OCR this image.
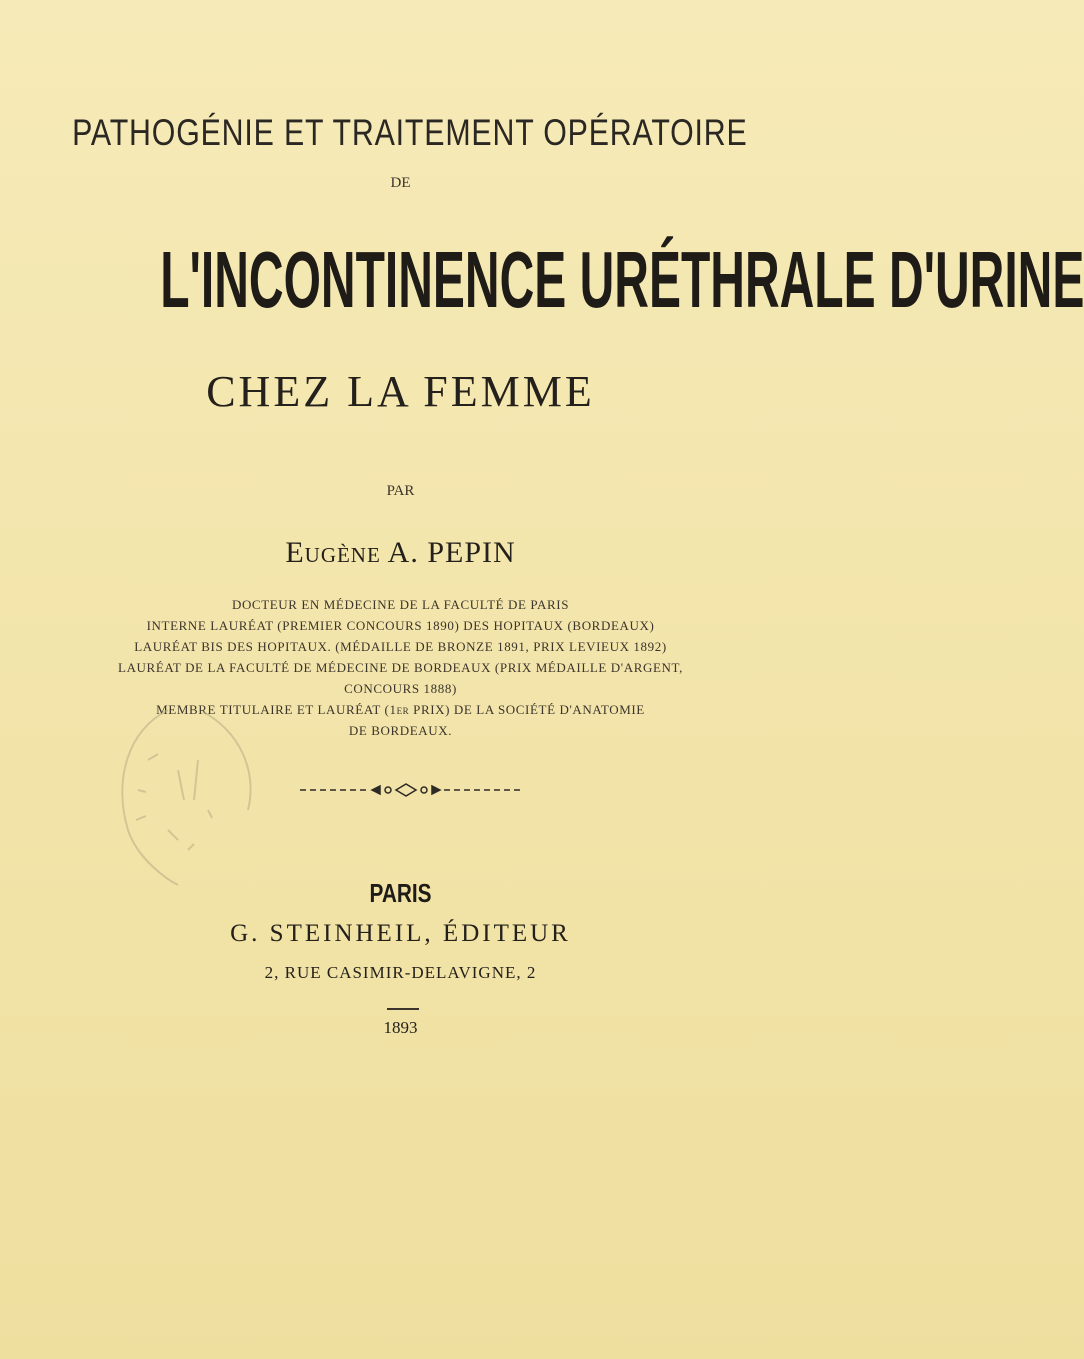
PATHOGÉNIE ET TRAITEMENT OPÉRATOIRE
DE
L'INCONTINENCE URÉTHRALE D'URINE
CHEZ LA FEMME
PAR
Eugène A. PEPIN
DOCTEUR EN MÉDECINE DE LA FACULTÉ DE PARIS
INTERNE LAURÉAT (PREMIER CONCOURS 1890) DES HOPITAUX (BORDEAUX)
LAURÉAT BIS DES HOPITAUX. (MÉDAILLE DE BRONZE 1891, PRIX LEVIEUX 1892)
LAURÉAT DE LA FACULTÉ DE MÉDECINE DE BORDEAUX (PRIX MÉDAILLE D'ARGENT,
CONCOURS 1888)
MEMBRE TITULAIRE ET LAURÉAT (1er PRIX) DE LA SOCIÉTÉ D'ANATOMIE
DE BORDEAUX.
PARIS
G. STEINHEIL, ÉDITEUR
2, RUE CASIMIR-DELAVIGNE, 2
1893
